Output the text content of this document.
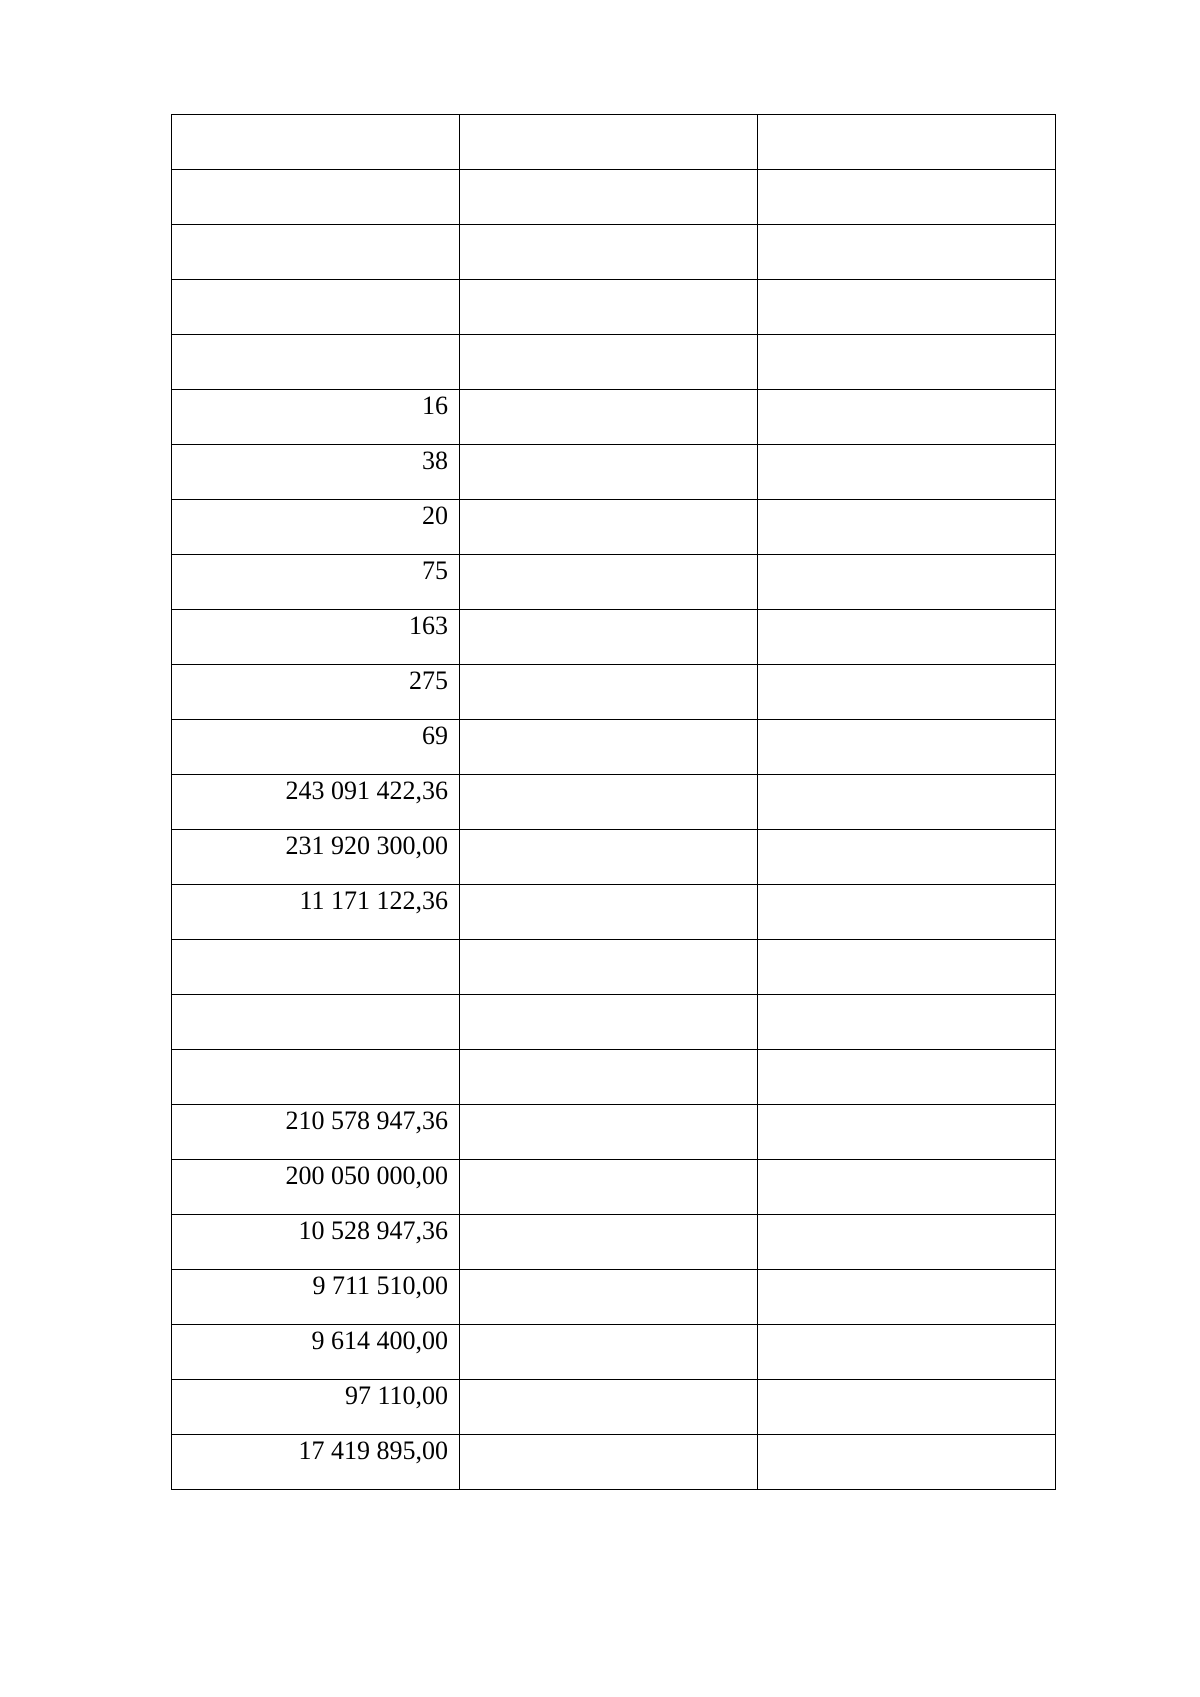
16		
38		
20		
75		
163		
275		
69		
243 091 422,36		
231 920 300,00		
11 171 122,36		

210 578 947,36		
200 050 000,00		
10 528 947,36		
9 711 510,00		
9 614 400,00		
97 110,00		
17 419 895,00		
